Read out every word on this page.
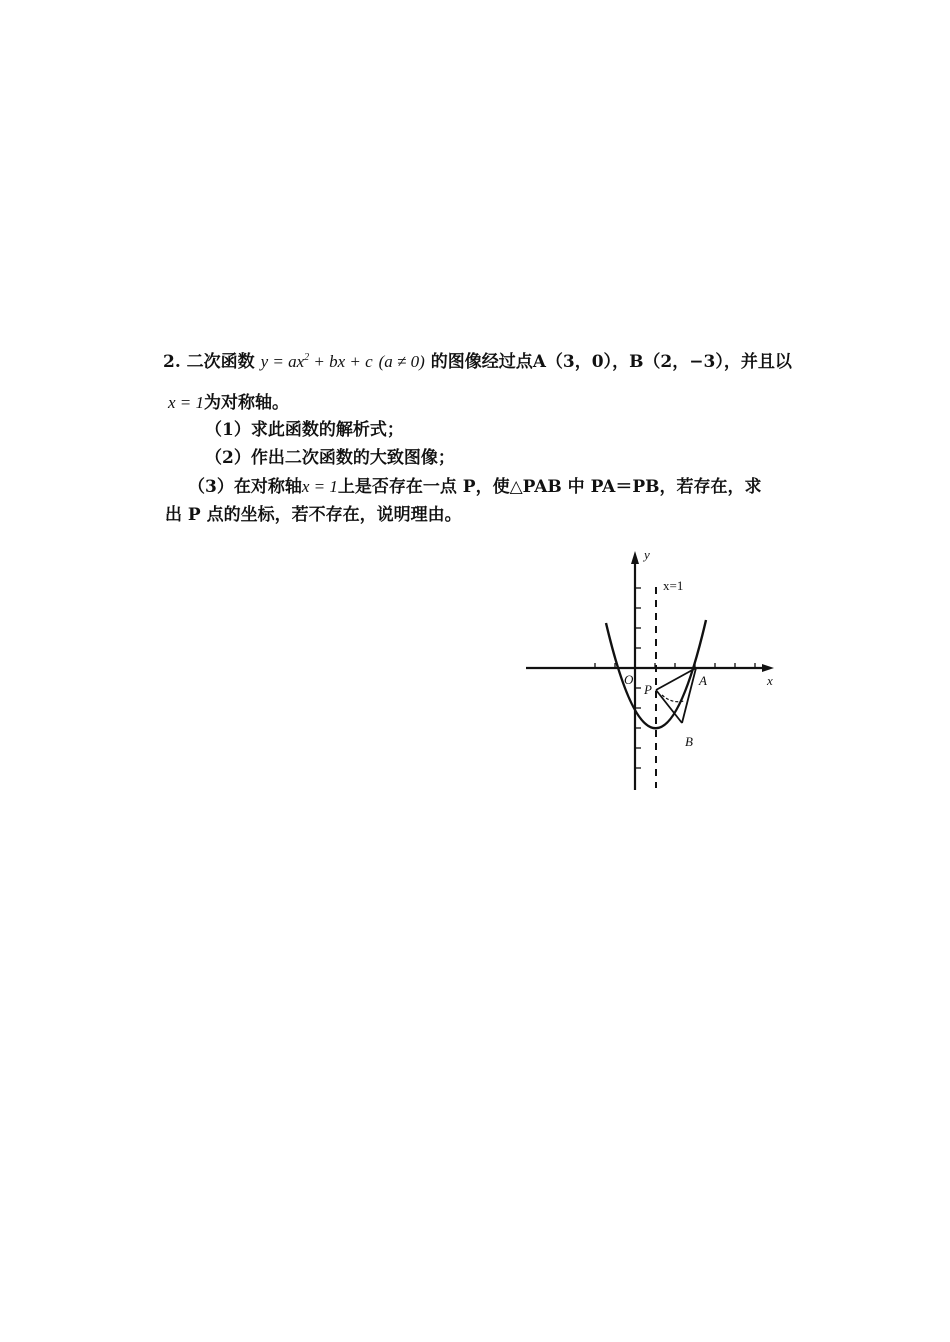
2. 二次函数 $y = ax^2$ + bx + c (a ≠ 0) 的图像经过点A（3，0），B（2，−3），并且以
x = 1为对称轴。
（1）求此函数的解析式；
（2）作出二次函数的大致图像；
（3）在对称轴x = 1上是否存在一点 P，使△PAB 中 PA＝PB，若存在，求
出 P 点的坐标，若不存在，说明理由。
y
x
x=1
O
P
A
B
